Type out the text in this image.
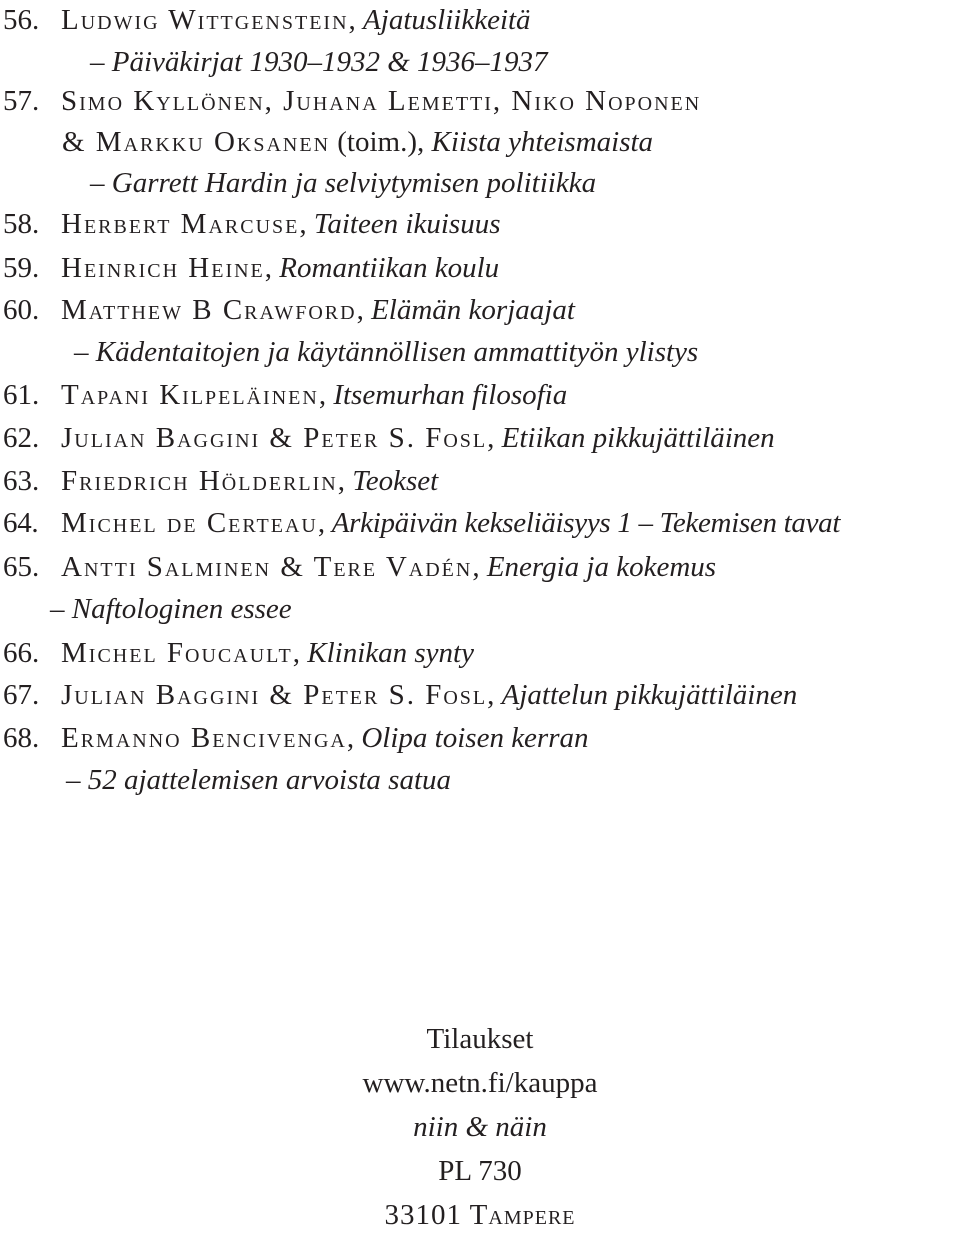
56. Ludwig Wittgenstein, Ajatusliikkeitä
– Päiväkirjat 1930–1932 & 1936–1937
57. Simo Kyllönen, Juhana Lemetti, Niko Noponen
& Markku Oksanen (toim.), Kiista yhteismaista
– Garrett Hardin ja selviytymisen politiikka
58. Herbert Marcuse, Taiteen ikuisuus
59. Heinrich Heine, Romantiikan koulu
60. Matthew B Crawford, Elämän korjaajat
– Kädentaitojen ja käytännöllisen ammattityön ylistys
61. Tapani Kilpeläinen, Itsemurhan filosofia
62. Julian Baggini & Peter S. Fosl, Etiikan pikkujättiläinen
63. Friedrich Hölderlin, Teokset
64. Michel de Certeau, Arkipäivän kekseliäisyys 1 – Tekemisen tavat
65. Antti Salminen & Tere Vadén, Energia ja kokemus
– Naftologinen essee
66. Michel Foucault, Klinikan synty
67. Julian Baggini & Peter S. Fosl, Ajattelun pikkujättiläinen
68. Ermanno Bencivenga, Olipa toisen kerran
– 52 ajattelemisen arvoista satua
Tilaukset
www.netn.fi/kauppa
niin & näin
PL 730
33101 Tampere
